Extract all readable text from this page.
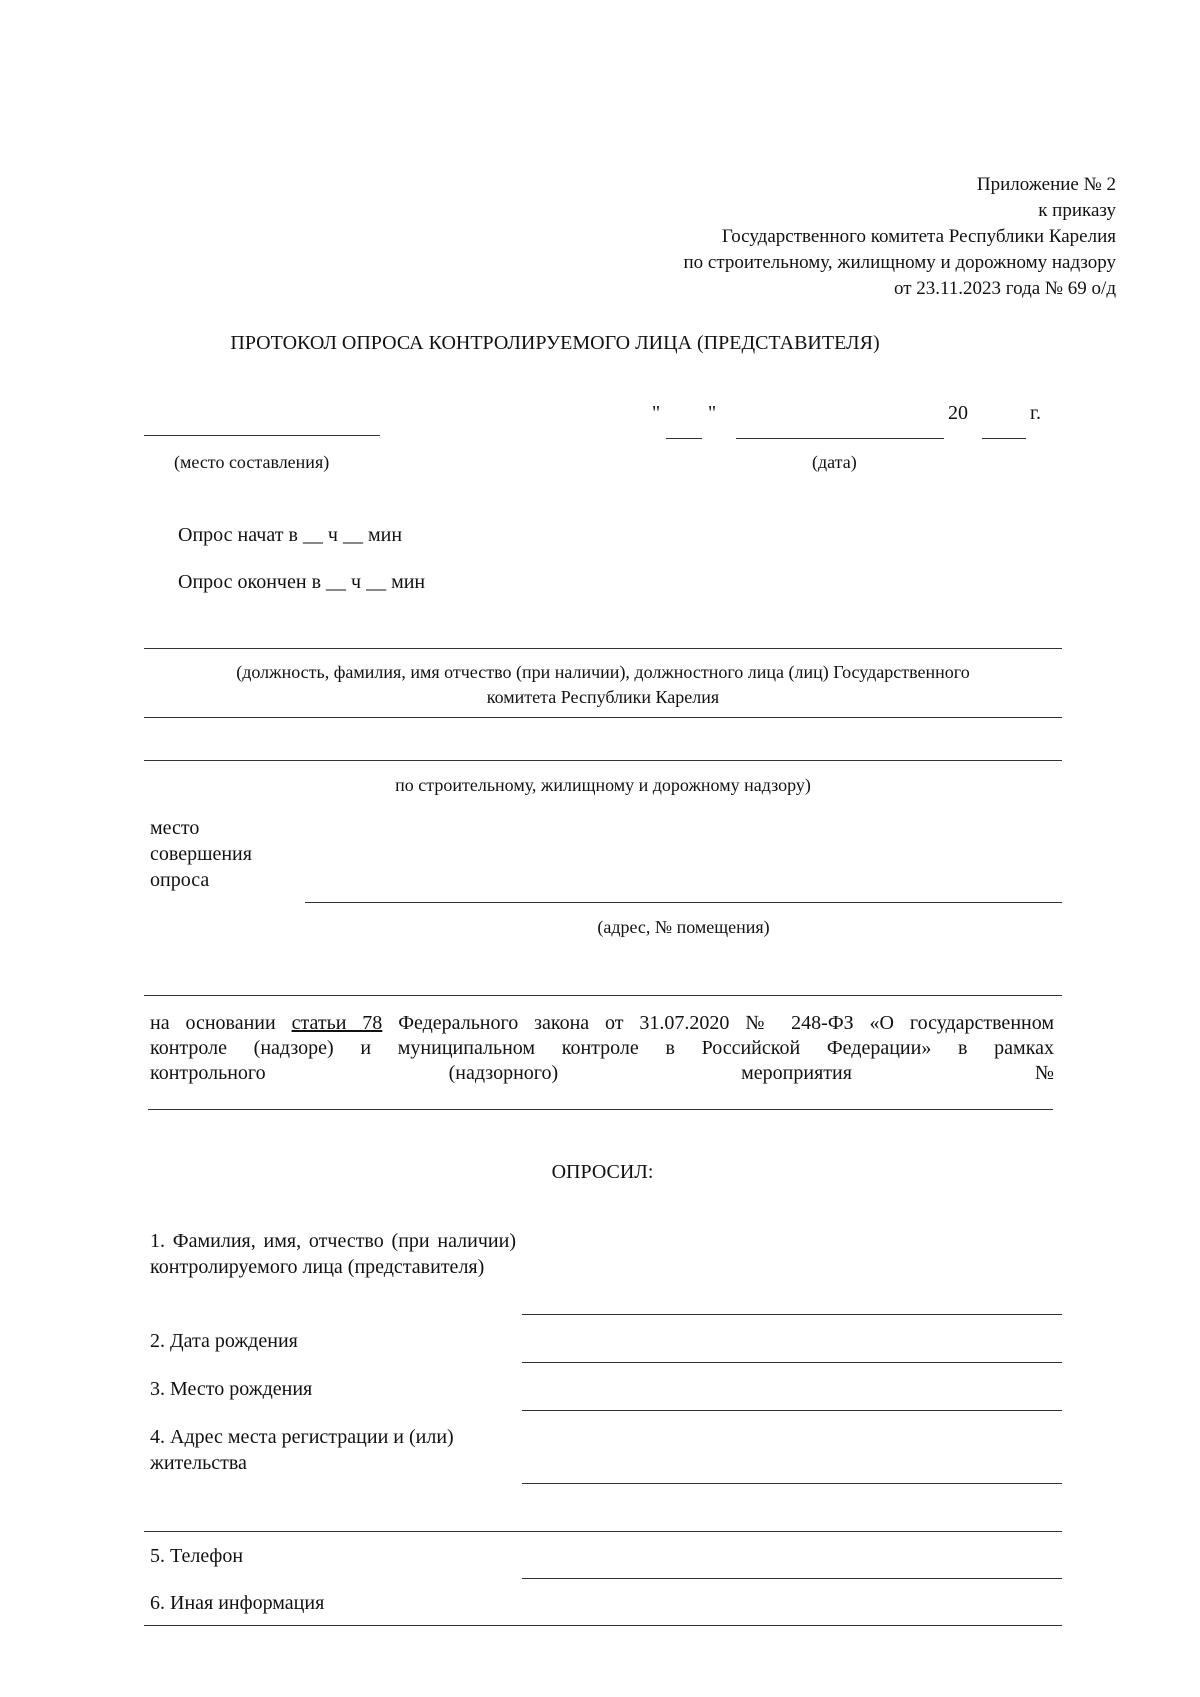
Приложение № 2
к приказу
Государственного комитета Республики Карелия
по строительному, жилищному и дорожному надзору
от 23.11.2023 года № 69 о/д
ПРОТОКОЛ ОПРОСА КОНТРОЛИРУЕМОГО ЛИЦА (ПРЕДСТАВИТЕЛЯ)
" "	20	г.
(место составления)	(дата)
Опрос начат в __ ч __ мин
Опрос окончен в __ ч __ мин
(должность, фамилия, имя отчество (при наличии), должностного лица (лиц) Государственного
комитета Республики Карелия
по строительному, жилищному и дорожному надзору)
место
совершения
опроса
(адрес, № помещения)
на основании статьи 78 Федерального закона от 31.07.2020 № 248-ФЗ «О государственном
контроле (надзоре) и муниципальном контроле в Российской Федерации» в рамках
контрольного (надзорного) мероприятия №
ОПРОСИЛ:
1. Фамилия, имя, отчество (при наличии) контролируемого лица (представителя)
2. Дата рождения
3. Место рождения
4. Адрес места регистрации и (или) жительства
5. Телефон
6. Иная информация
